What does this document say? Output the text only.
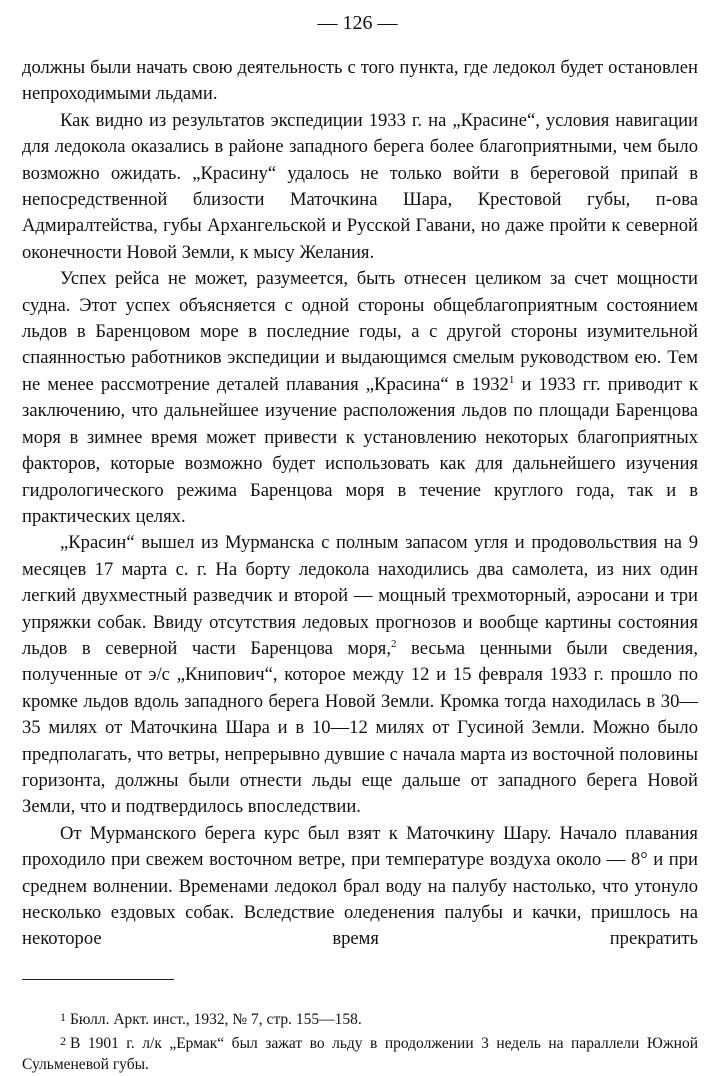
— 126 —

должны были начать свою деятельность с того пункта, где ледокол будет остановлен непроходимыми льдами.

Как видно из результатов экспедиции 1933 г. на „Красине“, условия навигации для ледокола оказались в районе западного берега более благоприятными, чем было возможно ожидать. „Красину“ удалось не только войти в береговой припай в непосредственной близости Маточкина Шара, Крестовой губы, п-ова Адмиралтейства, губы Архангельской и Русской Гавани, но даже пройти к северной оконечности Новой Земли, к мысу Желания.

Успех рейса не может, разумеется, быть отнесен целиком за счет мощности судна. Этот успех объясняется с одной стороны общеблагоприятным состоянием льдов в Баренцовом море в последние годы, а с другой стороны изумительной спаянностью работников экспедиции и выдающимся смелым руководством ею. Тем не менее рассмотрение деталей плавания „Красина“ в 1932$^1$ и 1933 гг. приводит к заключению, что дальнейшее изучение расположения льдов по площади Баренцова моря в зимнее время может привести к установлению некоторых благоприятных факторов, которые возможно будет использовать как для дальнейшего изучения гидрологического режима Баренцова моря в течение круглого года, так и в практических целях.

„Красин“ вышел из Мурманска с полным запасом угля и продовольствия на 9 месяцев 17 марта с. г. На борту ледокола находились два самолета, из них один легкий двухместный разведчик и второй — мощный трехмоторный, аэросани и три упряжки собак. Ввиду отсутствия ледовых прогнозов и вообще картины состояния льдов в северной части Баренцова моря,$^2$ весьма ценными были сведения, полученные от э/с „Книпович“, которое между 12 и 15 февраля 1933 г. прошло по кромке льдов вдоль западного берега Новой Земли. Кромка тогда находилась в 30—35 милях от Маточкина Шара и в 10—12 милях от Гусиной Земли. Можно было предполагать, что ветры, непрерывно дувшие с начала марта из восточной половины горизонта, должны были отнести льды еще дальше от западного берега Новой Земли, что и подтвердилось впоследствии.

От Мурманского берега курс был взят к Маточкину Шару. Начало плавания проходило при свежем восточном ветре, при температуре воздуха около — 8° и при среднем волнении. Временами ледокол брал воду на палубу настолько, что утонуло несколько ездовых собак. Вследствие оледенения палубы и качки, пришлось на некоторое время прекратить

1 Бюлл. Аркт. инст., 1932, № 7, стр. 155—158.

2 В 1901 г. л/к „Ермак“ был зажат во льду в продолжении 3 недель на параллели Южной Сульменевой губы.
